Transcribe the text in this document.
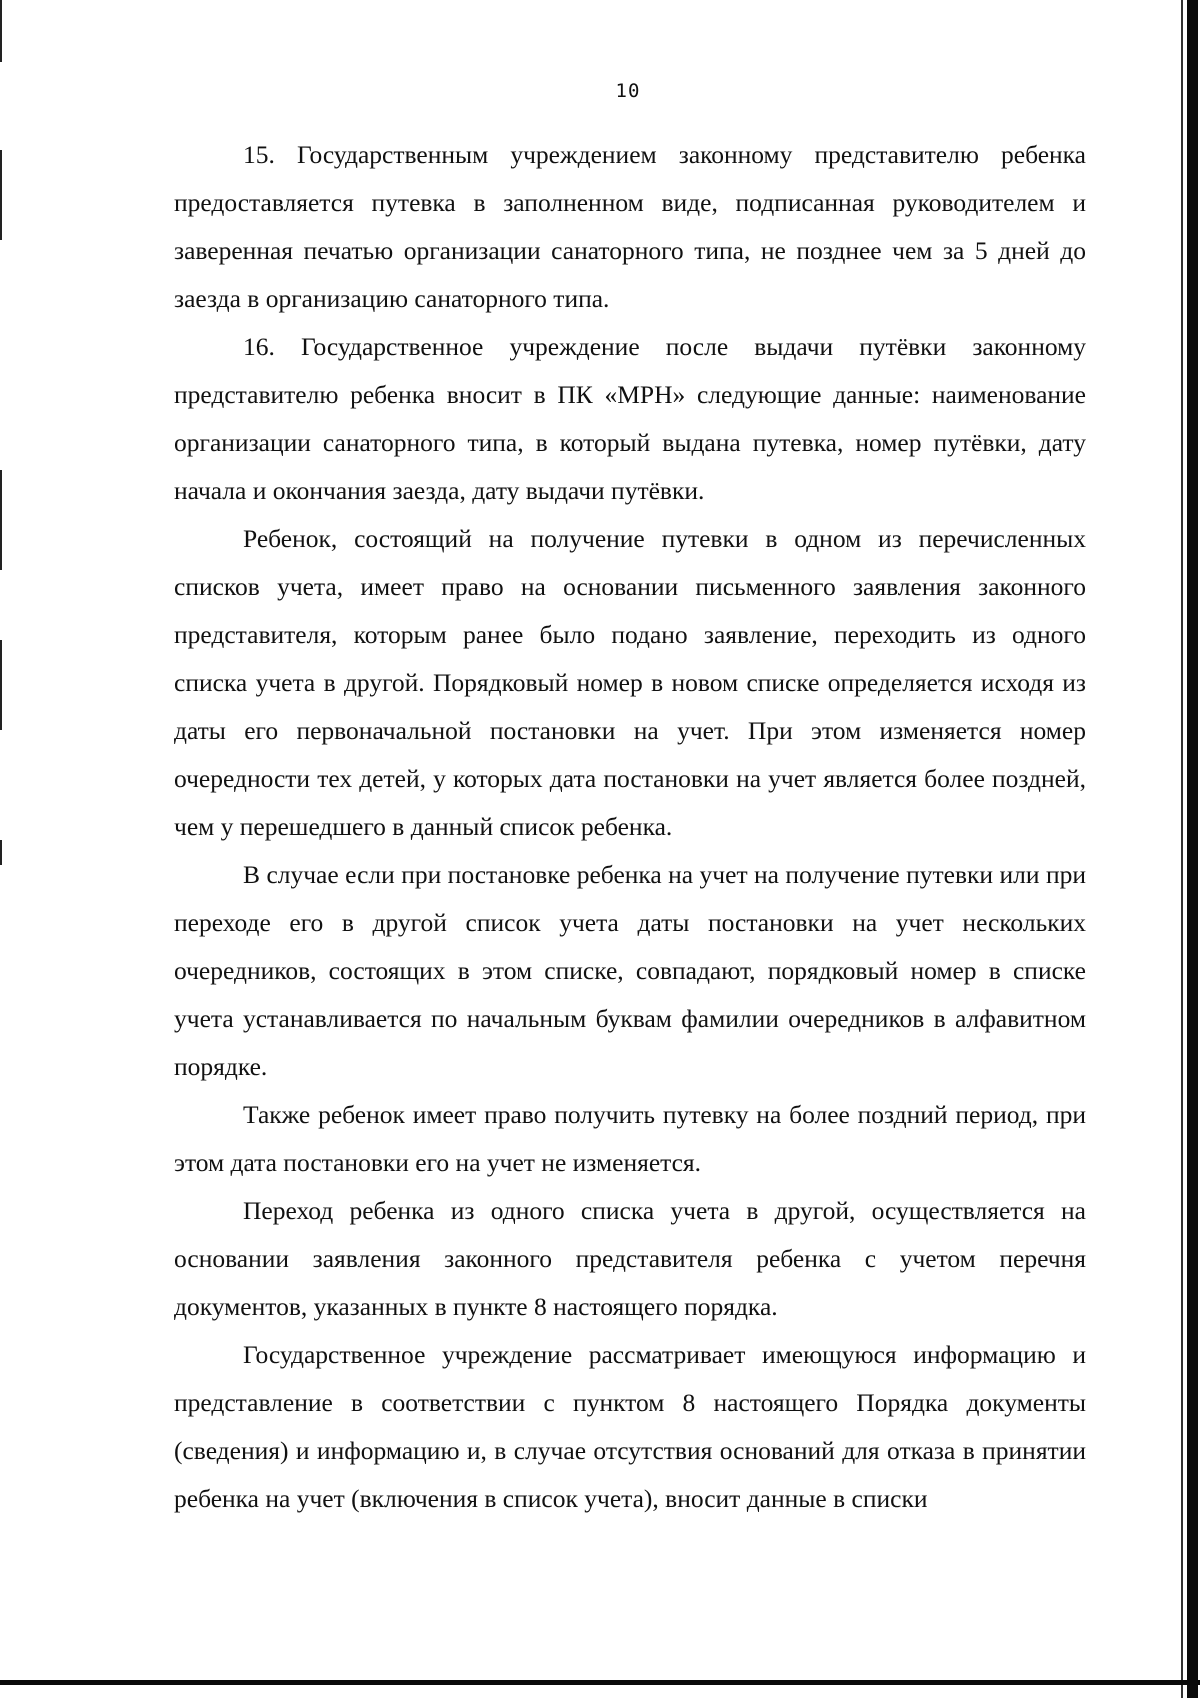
10

15. Государственным учреждением законному представителю ребенка предоставляется путевка в заполненном виде, подписанная руководителем и заверенная печатью организации санаторного типа, не позднее чем за 5 дней до заезда в организацию санаторного типа.

16. Государственное учреждение после выдачи путёвки законному представителю ребенка вносит в ПК «МРН» следующие данные: наименование организации санаторного типа, в который выдана путевка, номер путёвки, дату начала и окончания заезда, дату выдачи путёвки.

Ребенок, состоящий на получение путевки в одном из перечисленных списков учета, имеет право на основании письменного заявления законного представителя, которым ранее было подано заявление, переходить из одного списка учета в другой. Порядковый номер в новом списке определяется исходя из даты его первоначальной постановки на учет. При этом изменяется номер очередности тех детей, у которых дата постановки на учет является более поздней, чем у перешедшего в данный список ребенка.

В случае если при постановке ребенка на учет на получение путевки или при переходе его в другой список учета даты постановки на учет нескольких очередников, состоящих в этом списке, совпадают, порядковый номер в списке учета устанавливается по начальным буквам фамилии очередников в алфавитном порядке.

Также ребенок имеет право получить путевку на более поздний период, при этом дата постановки его на учет не изменяется.

Переход ребенка из одного списка учета в другой, осуществляется на основании заявления законного представителя ребенка с учетом перечня документов, указанных в пункте 8 настоящего порядка.

Государственное учреждение рассматривает имеющуюся информацию и представление в соответствии с пунктом 8 настоящего Порядка документы (сведения) и информацию и, в случае отсутствия оснований для отказа в принятии ребенка на учет (включения в список учета), вносит данные в списки
